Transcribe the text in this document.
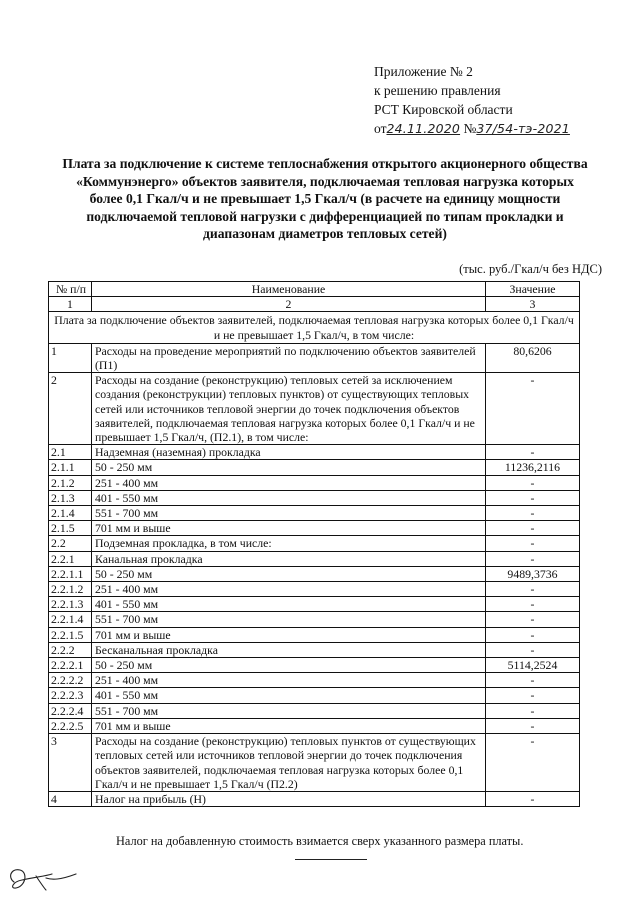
Приложение № 2
к решению правления
РСТ Кировской области
от24.11.2020 №37/54-тэ-2021
Плата за подключение к системе теплоснабжения открытого акционерного общества «Коммунэнерго» объектов заявителя, подключаемая тепловая нагрузка которых более 0,1 Гкал/ч и не превышает 1,5 Гкал/ч (в расчете на единицу мощности подключаемой тепловой нагрузки с дифференциацией по типам прокладки и диапазонам диаметров тепловых сетей)
(тыс. руб./Гкал/ч без НДС)
№ п/п	Наименование	Значение
1	2	3
Плата за подключение объектов заявителей, подключаемая тепловая нагрузка которых более 0,1 Гкал/ч и не превышает 1,5 Гкал/ч, в том числе:		
1	Расходы на проведение мероприятий по подключению объектов заявителей (П1)	80,6206
2	Расходы на создание (реконструкцию) тепловых сетей за исключением создания (реконструкции) тепловых пунктов) от существующих тепловых сетей или источников тепловой энергии до точек подключения объектов заявителей, подключаемая тепловая нагрузка которых более 0,1 Гкал/ч и не превышает 1,5 Гкал/ч, (П2.1), в том числе:	-
2.1	Надземная (наземная) прокладка	-
2.1.1	50 - 250 мм	11236,2116
2.1.2	251 - 400 мм	-
2.1.3	401 - 550 мм	-
2.1.4	551 - 700 мм	-
2.1.5	701 мм и выше	-
2.2	Подземная прокладка, в том числе:	-
2.2.1	Канальная прокладка	-
2.2.1.1	50 - 250 мм	9489,3736
2.2.1.2	251 - 400 мм	-
2.2.1.3	401 - 550 мм	-
2.2.1.4	551 - 700 мм	-
2.2.1.5	701 мм и выше	-
2.2.2	Бесканальная прокладка	-
2.2.2.1	50 - 250 мм	5114,2524
2.2.2.2	251 - 400 мм	-
2.2.2.3	401 - 550 мм	-
2.2.2.4	551 - 700 мм	-
2.2.2.5	701 мм и выше	-
3	Расходы на создание (реконструкцию) тепловых пунктов от существующих тепловых сетей или источников тепловой энергии до точек подключения объектов заявителей, подключаемая тепловая нагрузка которых более 0,1 Гкал/ч и не превышает 1,5 Гкал/ч (П2.2)	-
4	Налог на прибыль (Н)	-
Налог на добавленную стоимость взимается сверх указанного размера платы.
